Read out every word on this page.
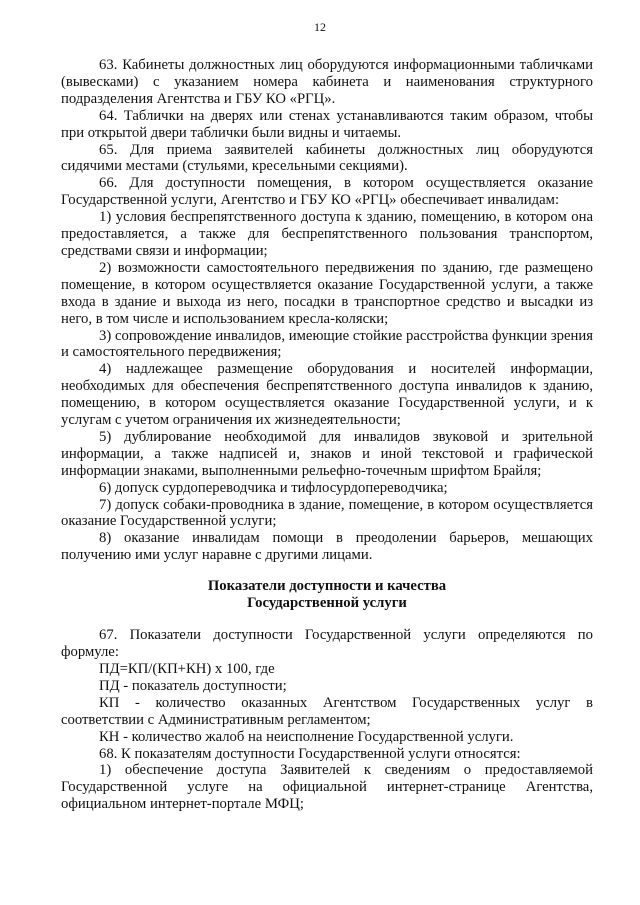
12

63. Кабинеты должностных лиц оборудуются информационными табличками (вывесками) с указанием номера кабинета и наименования структурного подразделения Агентства и ГБУ КО «РГЦ».

64. Таблички на дверях или стенах устанавливаются таким образом, чтобы при открытой двери таблички были видны и читаемы.

65. Для приема заявителей кабинеты должностных лиц оборудуются сидячими местами (стульями, кресельными секциями).

66. Для доступности помещения, в котором осуществляется оказание Государственной услуги, Агентство и ГБУ КО «РГЦ» обеспечивает инвалидам:

1) условия беспрепятственного доступа к зданию, помещению, в котором она предоставляется, а также для беспрепятственного пользования транспортом, средствами связи и информации;

2) возможности самостоятельного передвижения по зданию, где размещено помещение, в котором осуществляется оказание Государственной услуги, а также входа в здание и выхода из него, посадки в транспортное средство и высадки из него, в том числе и использованием кресла-коляски;

3) сопровождение инвалидов, имеющие стойкие расстройства функции зрения и самостоятельного передвижения;

4) надлежащее размещение оборудования и носителей информации, необходимых для обеспечения беспрепятственного доступа инвалидов к зданию, помещению, в котором осуществляется оказание Государственной услуги, и к услугам с учетом ограничения их жизнедеятельности;

5) дублирование необходимой для инвалидов звуковой и зрительной информации, а также надписей и, знаков и иной текстовой и графической информации знаками, выполненными рельефно-точечным шрифтом Брайля;

6) допуск сурдопереводчика и тифлосурдопереводчика;

7) допуск собаки-проводника в здание, помещение, в котором осуществляется оказание Государственной услуги;

8) оказание инвалидам помощи в преодолении барьеров, мешающих получению ими услуг наравне с другими лицами.

Показатели доступности и качества
Государственной услуги

67. Показатели доступности Государственной услуги определяются по формуле:

ПД=КП/(КП+КН) х 100, где

ПД - показатель доступности;

КП - количество оказанных Агентством Государственных услуг в соответствии с Административным регламентом;

КН - количество жалоб на неисполнение Государственной услуги.

68. К показателям доступности Государственной услуги относятся:

1) обеспечение доступа Заявителей к сведениям о предоставляемой Государственной услуге на официальной интернет-странице Агентства, официальном интернет-портале МФЦ;
